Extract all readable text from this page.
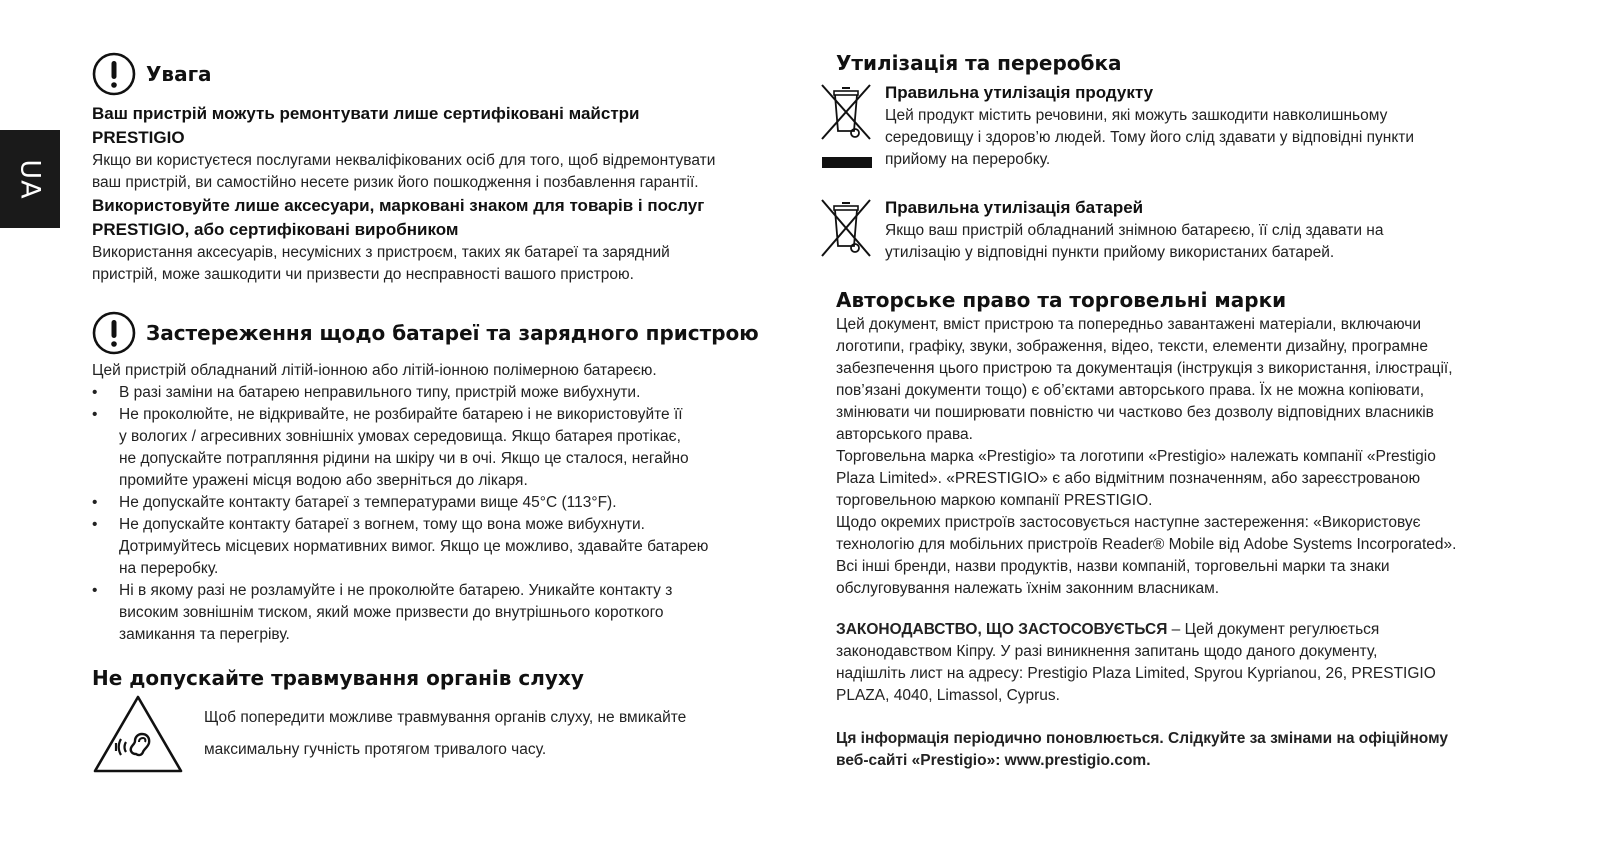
UA
Увага
Ваш пристрій можуть ремонтувати лише сертифіковані майстри
PRESTIGIO
Якщо ви користуєтеся послугами некваліфікованих осіб для того, щоб відремонтувати
ваш пристрій, ви самостійно несете ризик його пошкодження і позбавлення гарантії.
Використовуйте лише аксесуари, марковані знаком для товарів і послуг
PRESTIGIO, або сертифіковані виробником
Використання аксесуарів, несумісних з пристроєм, таких як батареї та зарядний
пристрій, може зашкодити чи призвести до несправності вашого пристрою.
Застереження щодо батареї та зарядного пристрою

Цей пристрій обладнаний літій-іонною або літій-іонною полімерною батареєю.

• В разі заміни на батарею неправильного типу, пристрій може вибухнути.
• Не проколюйте, не відкривайте, не розбирайте батарею і не використовуйте її
у вологих / агресивних зовнішніх умовах середовища. Якщо батарея протікає,
не допускайте потрапляння рідини на шкіру чи в очі. Якщо це сталося, негайно
промийте уражені місця водою або зверніться до лікаря.
• Не допускайте контакту батареї з температурами вище 45°C (113°F).
• Не допускайте контакту батареї з вогнем, тому що вона може вибухнути.
Дотримуйтесь місцевих нормативних вимог. Якщо це можливо, здавайте батарею
на переробку.
• Ні в якому разі не розламуйте і не проколюйте батарею. Уникайте контакту з
високим зовнішнім тиском, який може призвести до внутрішнього короткого
замикання та перегріву.
Не допускайте травмування органів слуху
Щоб попередити можливе травмування органів слуху, не вмикайте
максимальну гучність протягом тривалого часу.
Утилізація та переробка
Правильна утилізація продукту
Цей продукт містить речовини, які можуть зашкодити навколишньому
середовищу і здоров’ю людей. Тому його слід здавати у відповідні пункти
прийому на переробку.
Правильна утилізація батарей
Якщо ваш пристрій обладнаний знімною батареєю, її слід здавати на
утилізацію у відповідні пункти прийому використаних батарей.
Авторське право та торговельні марки
Цей документ, вміст пристрою та попередньо завантажені матеріали, включаючи
логотипи, графіку, звуки, зображення, відео, тексти, елементи дизайну, програмне
забезпечення цього пристрою та документація (інструкція з використання, ілюстрації,
пов’язані документи тощо) є об’єктами авторського права. Їх не можна копіювати,
змінювати чи поширювати повністю чи частково без дозволу відповідних власників
авторського права.
Торговельна марка «Prestigio» та логотипи «Prestigio» належать компанії «Prestigio
Plaza Limited». «PRESTIGIO» є або відмітним позначенням, або зареєстрованою
торговельною маркою компанії PRESTIGIO.
Щодо окремих пристроїв застосовується наступне застереження: «Використовує
технологію для мобільних пристроїв Reader® Mobile від Adobe Systems Incorporated».
Всі інші бренди, назви продуктів, назви компаній, торговельні марки та знаки
обслуговування належать їхнім законним власникам.
ЗАКОНОДАВСТВО, ЩО ЗАСТОСОВУЄТЬСЯ – Цей документ регулюється
законодавством Кіпру. У разі виникнення запитань щодо даного документу,
надішліть лист на адресу: Prestigio Plaza Limited, Spyrou Kyprianou, 26, PRESTIGIO
PLAZA, 4040, Limassol, Cyprus.
Ця інформація періодично поновлюється. Слідкуйте за змінами на офіційному
веб-сайті «Prestigio»: www.prestigio.com.
